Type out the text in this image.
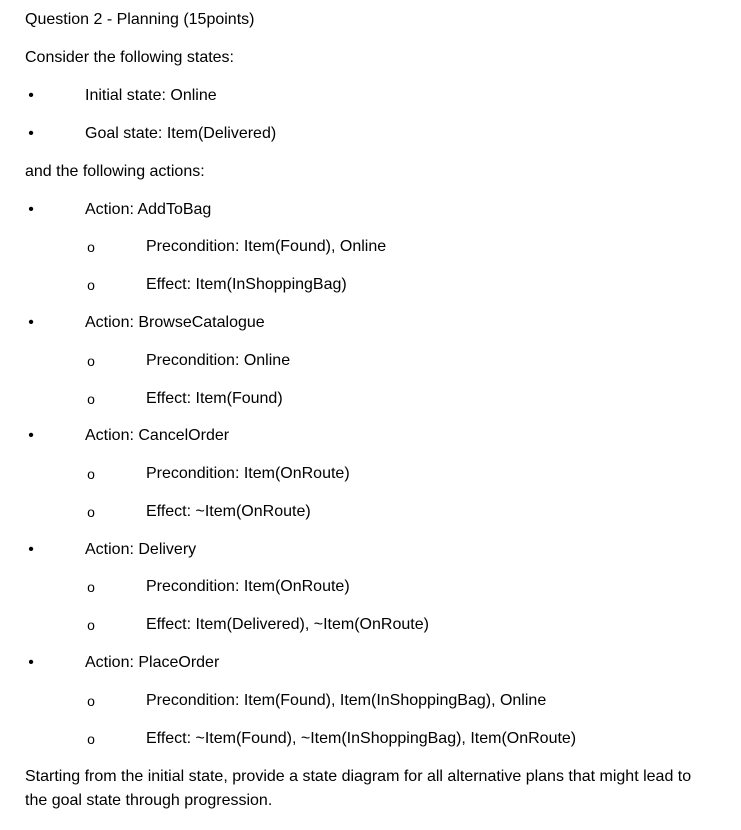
Question 2 - Planning (15points)
Consider the following states:
•	Initial state: Online
•	Goal state: Item(Delivered)
and the following actions:
•	Action: AddToBag
o	Precondition: Item(Found), Online
o	Effect: Item(InShoppingBag)
•	Action: BrowseCatalogue
o	Precondition: Online
o	Effect: Item(Found)
•	Action: CancelOrder
o	Precondition: Item(OnRoute)
o	Effect: ~Item(OnRoute)
•	Action: Delivery
o	Precondition: Item(OnRoute)
o	Effect: Item(Delivered), ~Item(OnRoute)
•	Action: PlaceOrder
o	Precondition: Item(Found), Item(InShoppingBag), Online
o	Effect: ~Item(Found), ~Item(InShoppingBag), Item(OnRoute)
Starting from the initial state, provide a state diagram for all alternative plans that might lead to the goal state through progression.
